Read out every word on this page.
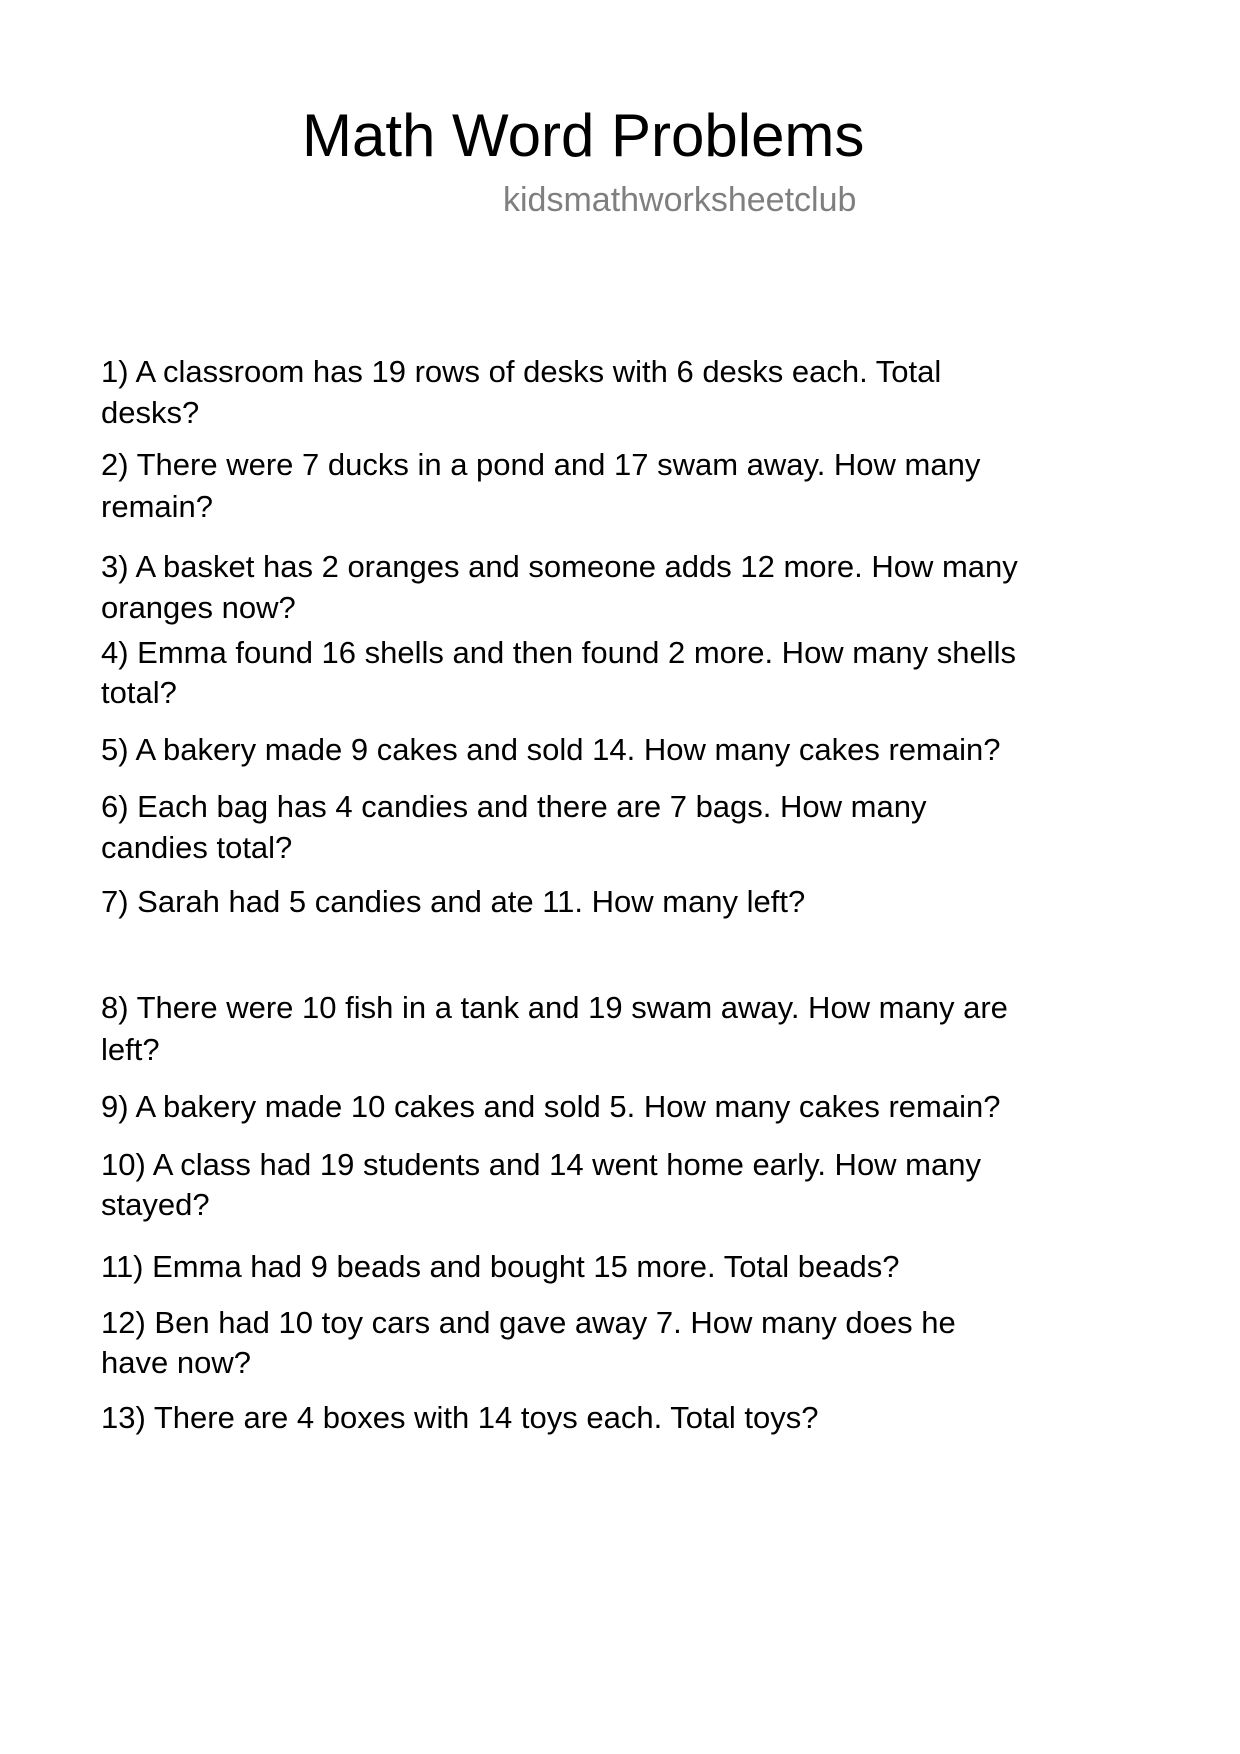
Math Word Problems
kidsmathworksheetclub
1) A classroom has 19 rows of desks with 6 desks each. Total
desks?
2) There were 7 ducks in a pond and 17 swam away. How many
remain?
3) A basket has 2 oranges and someone adds 12 more. How many
oranges now?
4) Emma found 16 shells and then found 2 more. How many shells
total?
5) A bakery made 9 cakes and sold 14. How many cakes remain?
6) Each bag has 4 candies and there are 7 bags. How many
candies total?
7) Sarah had 5 candies and ate 11. How many left?
8) There were 10 fish in a tank and 19 swam away. How many are
left?
9) A bakery made 10 cakes and sold 5. How many cakes remain?
10) A class had 19 students and 14 went home early. How many
stayed?
11) Emma had 9 beads and bought 15 more. Total beads?
12) Ben had 10 toy cars and gave away 7. How many does he
have now?
13) There are 4 boxes with 14 toys each. Total toys?
